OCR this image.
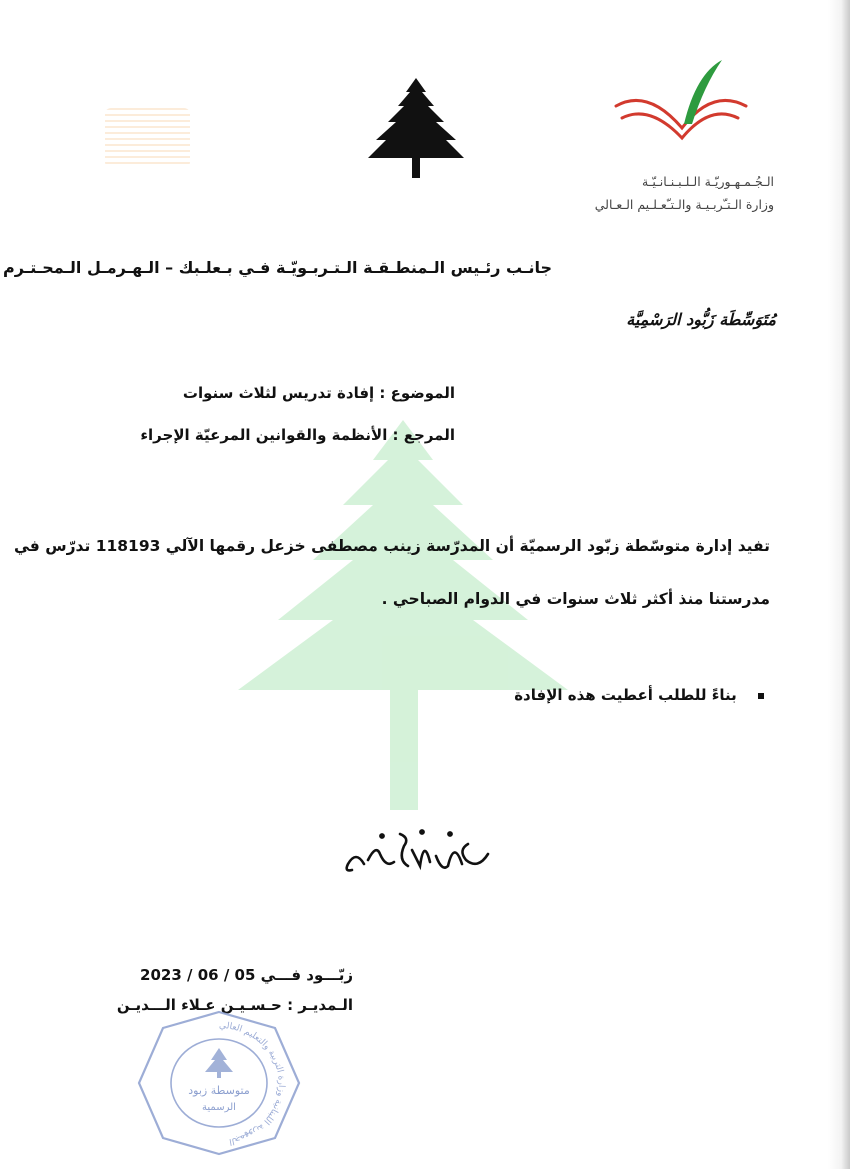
الـجُـمـهـوريّـة الـلـبـنـانـيّـة
وزارة الـتـّربـيـة والـتـّعـلـيم الـعـالي
جانـب رئـيس الـمنطـقـة الـتـربـويّـة فـي بـعلـبك – الـهـرمـل الـمحـتـرم
مُتَوَسِّطَة زَبُّود الرَسْمِيَّة
الموضوع : إفادة تدريس لثلاث سنوات
المرجع : الأنظمة والقوانين المرعيّة الإجراء
تفيد إدارة متوسّطة زبّود الرسميّة أن المدرّسة زينب مصطفى خزعل رقمها الآلي 118193 تدرّس في
مدرستنا منذ أكثر ثلاث سنوات في الدوام الصباحي .
بناءً للطلب أعطيت هذه الإفادة
زبّـــود فـــي 05 / 06 / 2023
الـمديـر : حـسـيـن عـلاء الـــديـن
الجمهورية اللبنانية وزارة التربية والتعليم العالي
متوسطة زبود
الرسمية
